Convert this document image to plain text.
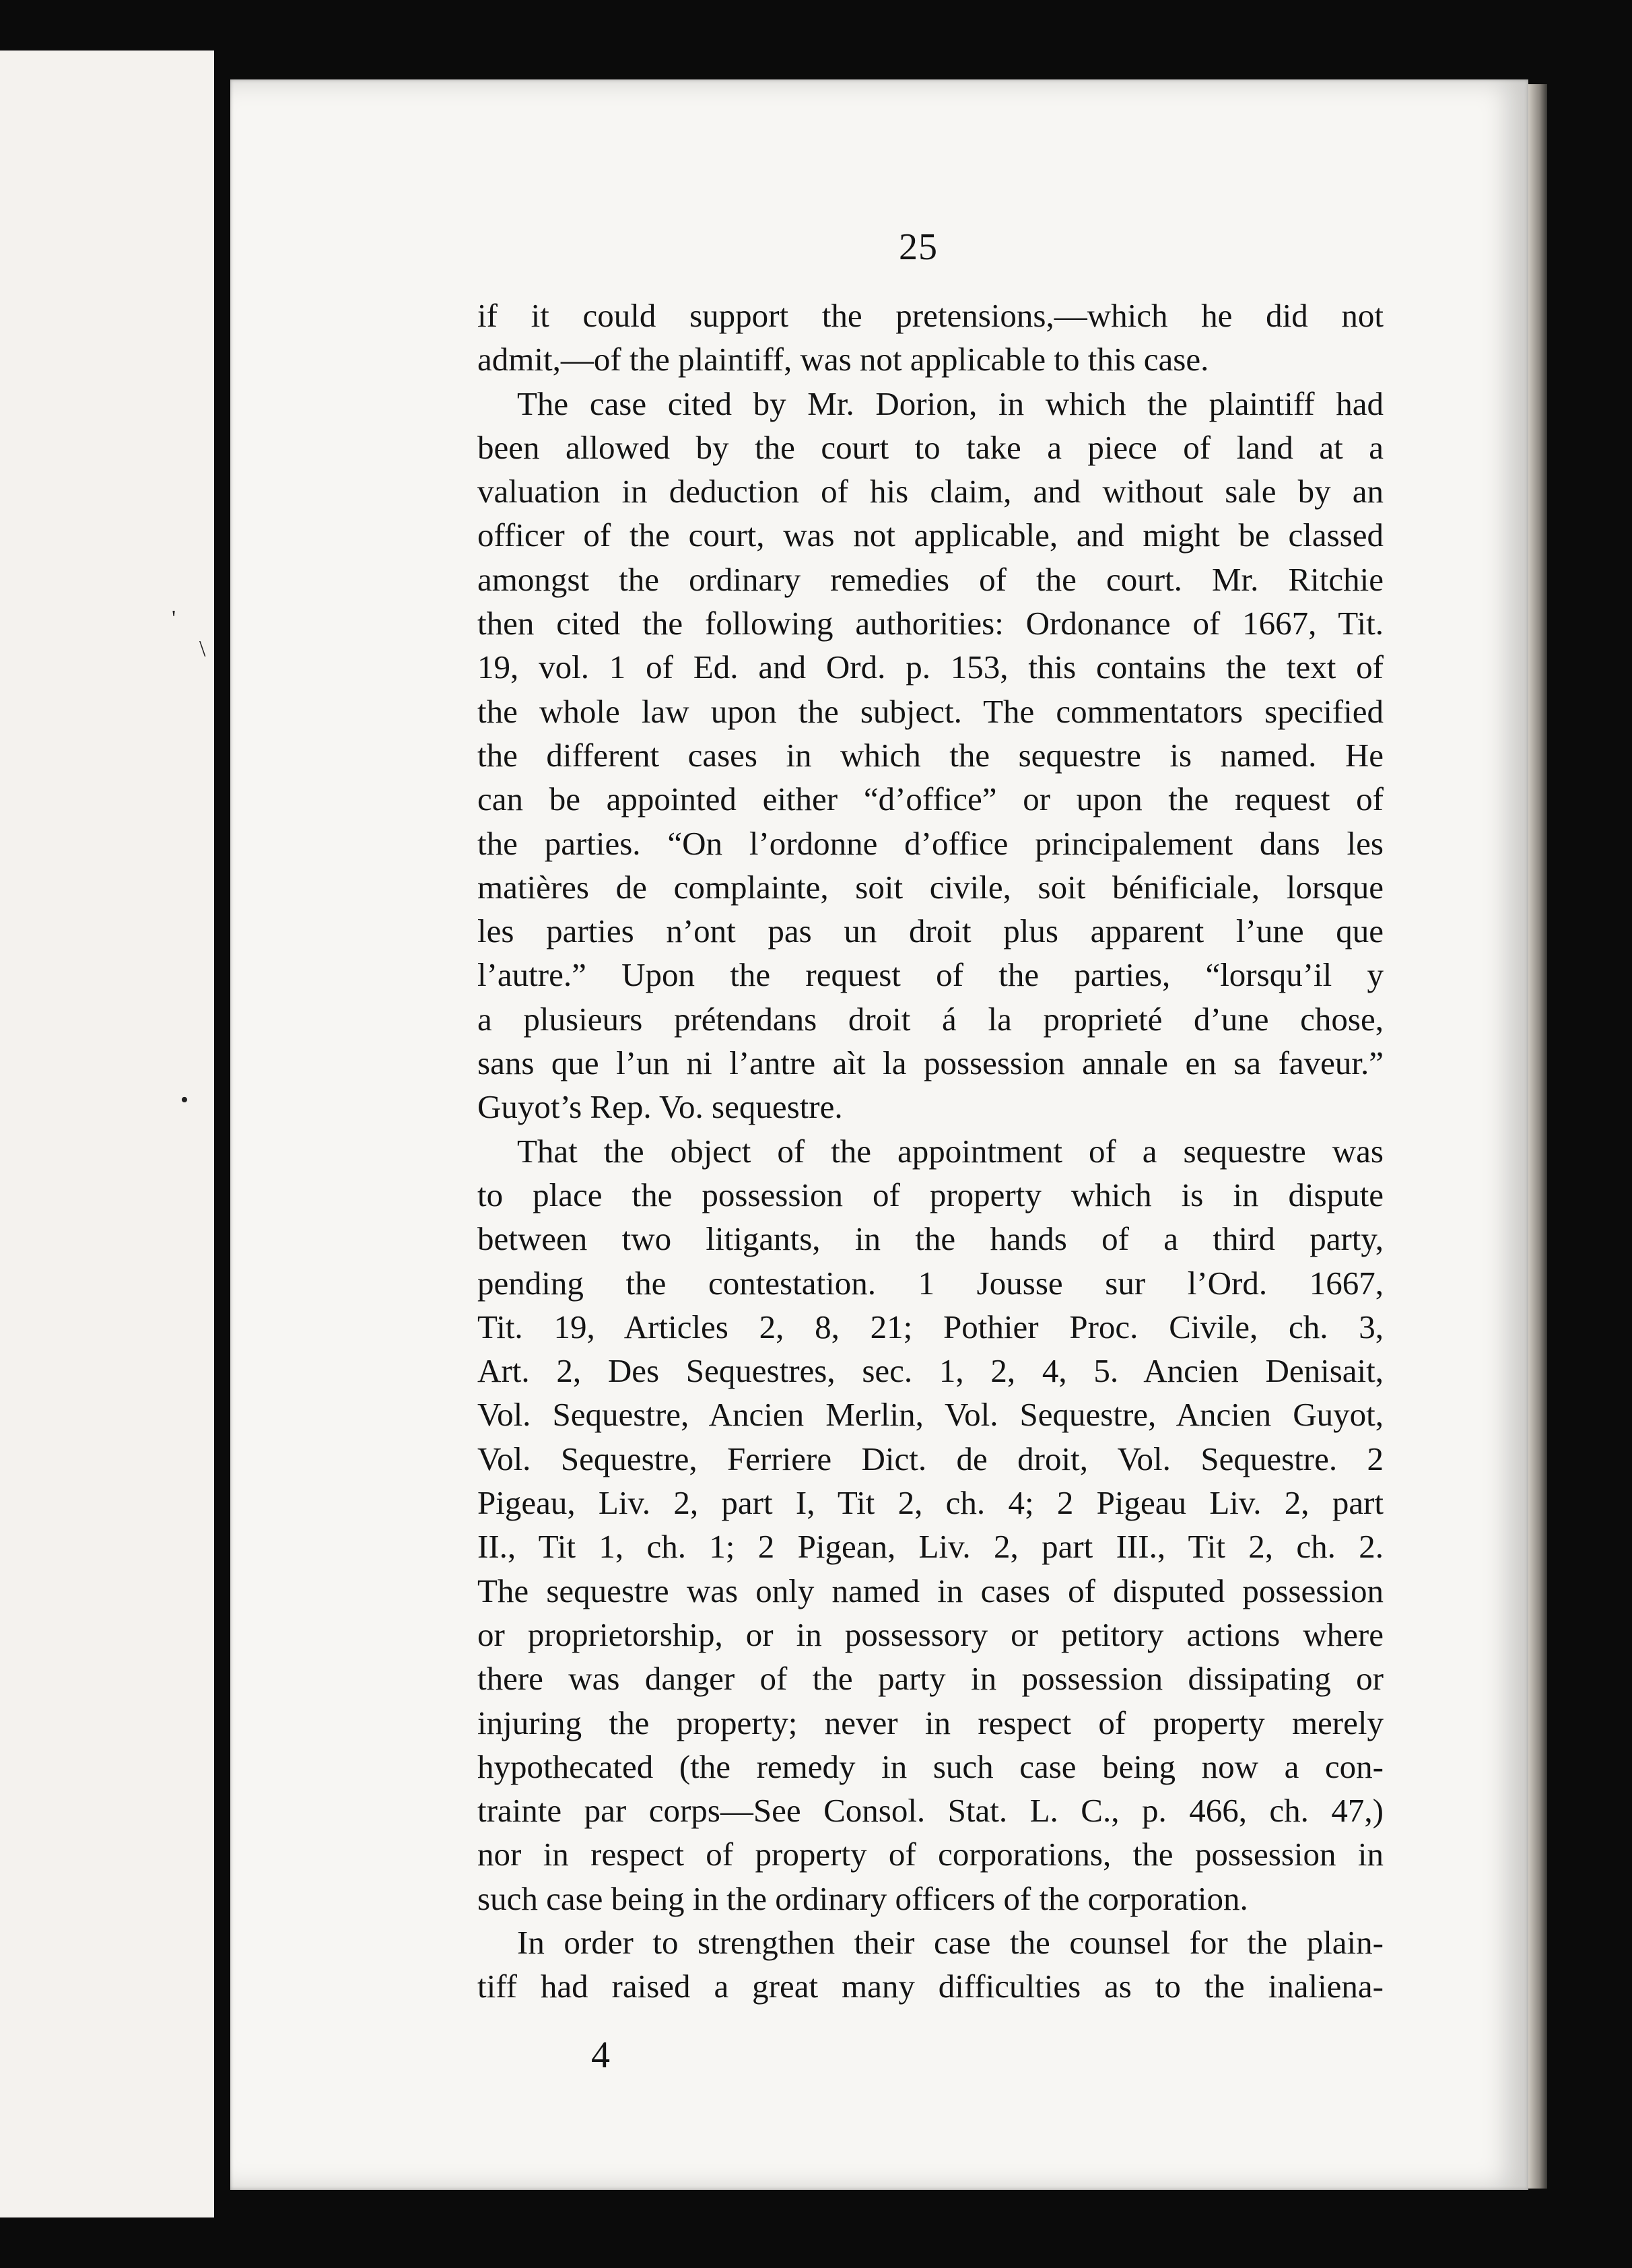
'
\
•
25
if it could support the pretensions,—which he did not
admit,—of the plaintiff, was not applicable to this case.
The case cited by Mr. Dorion, in which the plaintiff had
been allowed by the court to take a piece of land at a
valuation in deduction of his claim, and without sale by an
officer of the court, was not applicable, and might be classed
amongst the ordinary remedies of the court. Mr. Ritchie
then cited the following authorities: Ordonance of 1667, Tit.
19, vol. 1 of Ed. and Ord. p. 153, this contains the text of
the whole law upon the subject. The commentators specified
the different cases in which the sequestre is named. He
can be appointed either “d’office” or upon the request of
the parties. “On l’ordonne d’office principalement dans les
matières de complainte, soit civile, soit bénificiale, lorsque
les parties n’ont pas un droit plus apparent l’une que
l’autre.” Upon the request of the parties, “lorsqu’il y
a plusieurs prétendans droit á la proprieté d’une chose,
sans que l’un ni l’antre aìt la possession annale en sa faveur.”
Guyot’s Rep. Vo. sequestre.
That the object of the appointment of a sequestre was
to place the possession of property which is in dispute
between two litigants, in the hands of a third party,
pending the contestation. 1 Jousse sur l’Ord. 1667,
Tit. 19, Articles 2, 8, 21; Pothier Proc. Civile, ch. 3,
Art. 2, Des Sequestres, sec. 1, 2, 4, 5. Ancien Denisait,
Vol. Sequestre, Ancien Merlin, Vol. Sequestre, Ancien Guyot,
Vol. Sequestre, Ferriere Dict. de droit, Vol. Sequestre. 2
Pigeau, Liv. 2, part I, Tit 2, ch. 4; 2 Pigeau Liv. 2, part
II., Tit 1, ch. 1; 2 Pigean, Liv. 2, part III., Tit 2, ch. 2.
The sequestre was only named in cases of disputed possession
or proprietorship, or in possessory or petitory actions where
there was danger of the party in possession dissipating or
injuring the property; never in respect of property merely
hypothecated (the remedy in such case being now a con-
trainte par corps—See Consol. Stat. L. C., p. 466, ch. 47,)
nor in respect of property of corporations, the possession in
such case being in the ordinary officers of the corporation.
In order to strengthen their case the counsel for the plain-
tiff had raised a great many difficulties as to the inaliena-
4
